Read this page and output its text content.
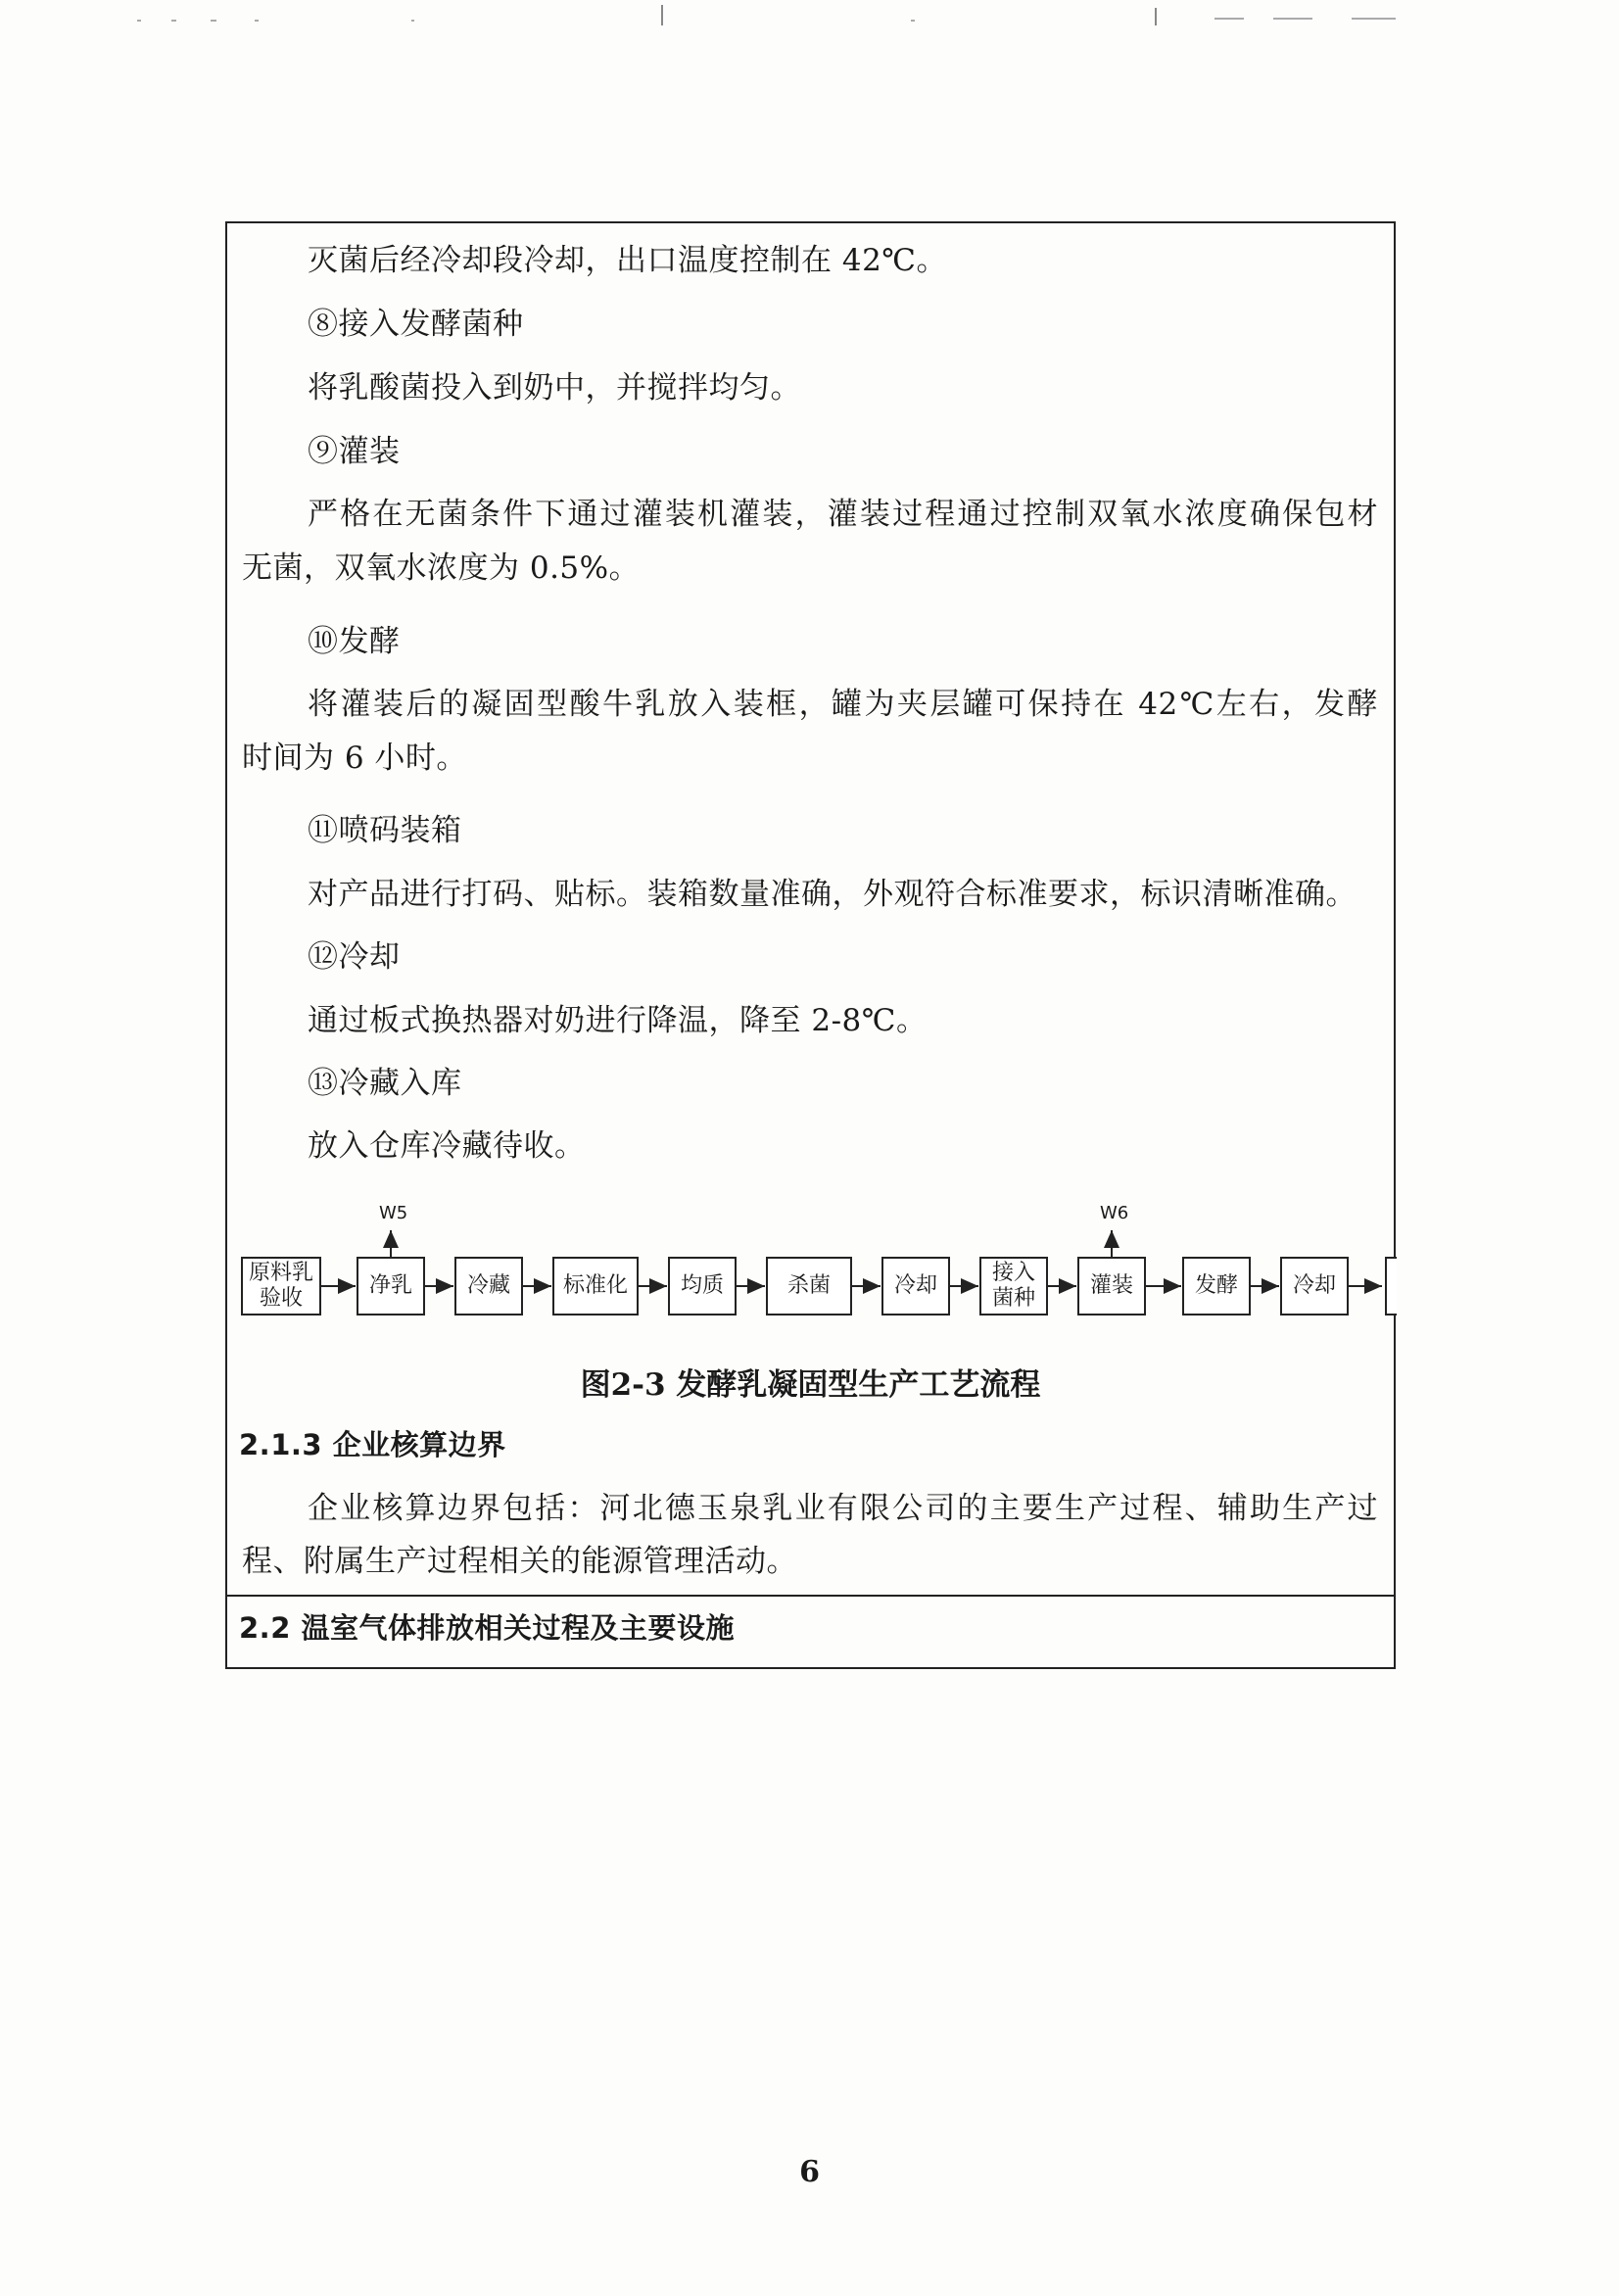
灭菌后经冷却段冷却，出口温度控制在 42℃。
⑧接入发酵菌种
将乳酸菌投入到奶中，并搅拌均匀。
⑨灌装
严格在无菌条件下通过灌装机灌装，灌装过程通过控制双氧水浓度确保包材
无菌，双氧水浓度为 0.5%。
⑩发酵
将灌装后的凝固型酸牛乳放入装框，罐为夹层罐可保持在 42℃左右，发酵
时间为 6 小时。
⑪喷码装箱
对产品进行打码、贴标。装箱数量准确，外观符合标准要求，标识清晰准确。
⑫冷却
通过板式换热器对奶进行降温，降至 2-8℃。
⑬冷藏入库
放入仓库冷藏待收。
原料乳
验收
净乳	冷藏	标准化	均质	杀菌	冷却
接入
菌种
灌装	发酵	冷却
W5	W6
图2-3 发酵乳凝固型生产工艺流程
2.1.3 企业核算边界
企业核算边界包括：河北德玉泉乳业有限公司的主要生产过程、辅助生产过
程、附属生产过程相关的能源管理活动。
2.2 温室气体排放相关过程及主要设施
6
